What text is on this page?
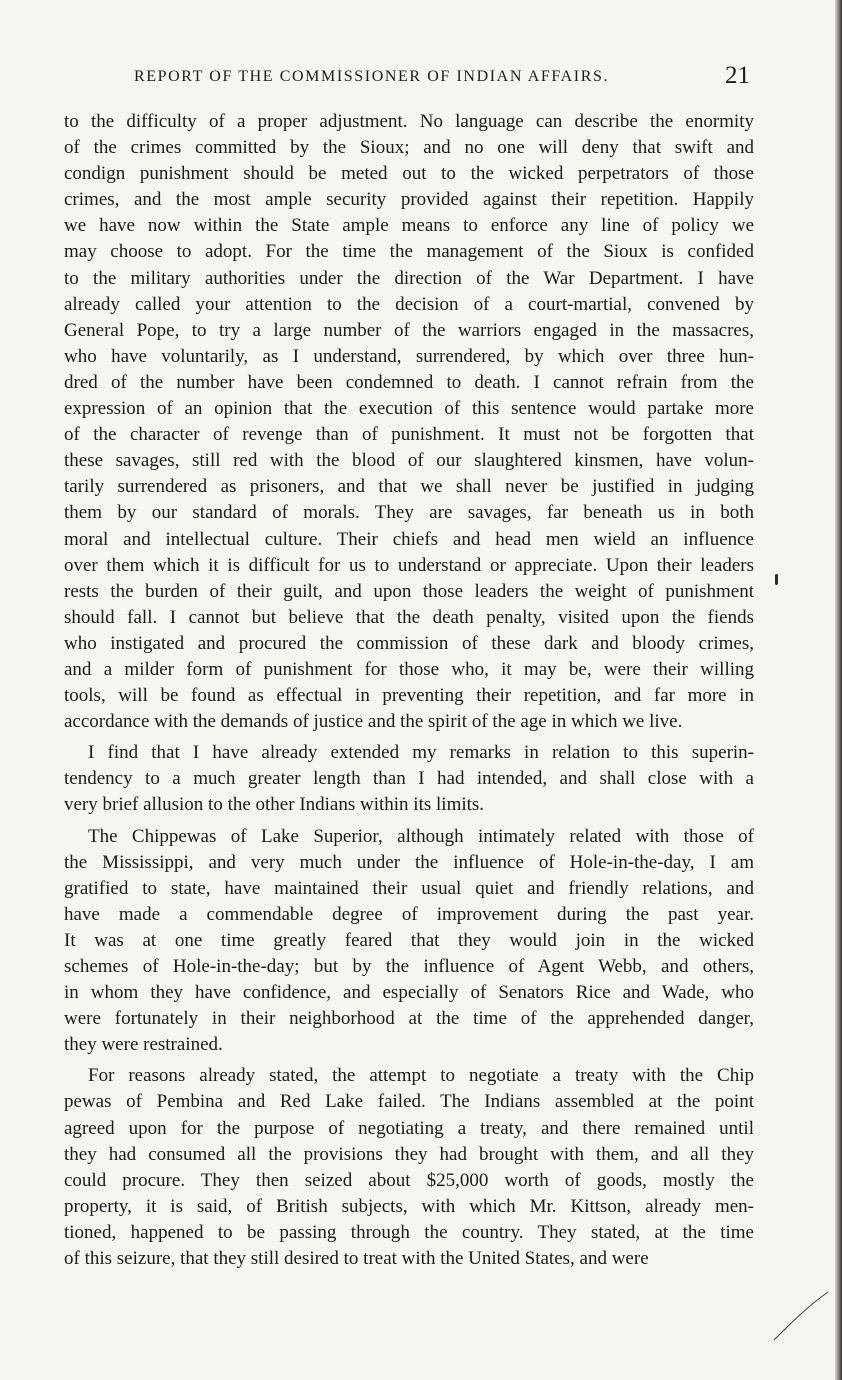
REPORT OF THE COMMISSIONER OF INDIAN AFFAIRS.	21
to the difficulty of a proper adjustment. No language can describe the enormity
of the crimes committed by the Sioux; and no one will deny that swift and
condign punishment should be meted out to the wicked perpetrators of those
crimes, and the most ample security provided against their repetition. Happily
we have now within the State ample means to enforce any line of policy we
may choose to adopt. For the time the management of the Sioux is confided
to the military authorities under the direction of the War Department. I have
already called your attention to the decision of a court-martial, convened by
General Pope, to try a large number of the warriors engaged in the massacres,
who have voluntarily, as I understand, surrendered, by which over three hun-
dred of the number have been condemned to death. I cannot refrain from the
expression of an opinion that the execution of this sentence would partake more
of the character of revenge than of punishment. It must not be forgotten that
these savages, still red with the blood of our slaughtered kinsmen, have volun-
tarily surrendered as prisoners, and that we shall never be justified in judging
them by our standard of morals. They are savages, far beneath us in both
moral and intellectual culture. Their chiefs and head men wield an influence
over them which it is difficult for us to understand or appreciate. Upon their leaders
rests the burden of their guilt, and upon those leaders the weight of punishment
should fall. I cannot but believe that the death penalty, visited upon the fiends
who instigated and procured the commission of these dark and bloody crimes,
and a milder form of punishment for those who, it may be, were their willing
tools, will be found as effectual in preventing their repetition, and far more in
accordance with the demands of justice and the spirit of the age in which we live.
I find that I have already extended my remarks in relation to this superin-
tendency to a much greater length than I had intended, and shall close with a
very brief allusion to the other Indians within its limits.
The Chippewas of Lake Superior, although intimately related with those of
the Mississippi, and very much under the influence of Hole-in-the-day, I am
gratified to state, have maintained their usual quiet and friendly relations, and
have made a commendable degree of improvement during the past year.
It was at one time greatly feared that they would join in the wicked
schemes of Hole-in-the-day; but by the influence of Agent Webb, and others,
in whom they have confidence, and especially of Senators Rice and Wade, who
were fortunately in their neighborhood at the time of the apprehended danger,
they were restrained.
For reasons already stated, the attempt to negotiate a treaty with the Chip
pewas of Pembina and Red Lake failed. The Indians assembled at the point
agreed upon for the purpose of negotiating a treaty, and there remained until
they had consumed all the provisions they had brought with them, and all they
could procure. They then seized about $25,000 worth of goods, mostly the
property, it is said, of British subjects, with which Mr. Kittson, already men-
tioned, happened to be passing through the country. They stated, at the time
of this seizure, that they still desired to treat with the United States, and were
